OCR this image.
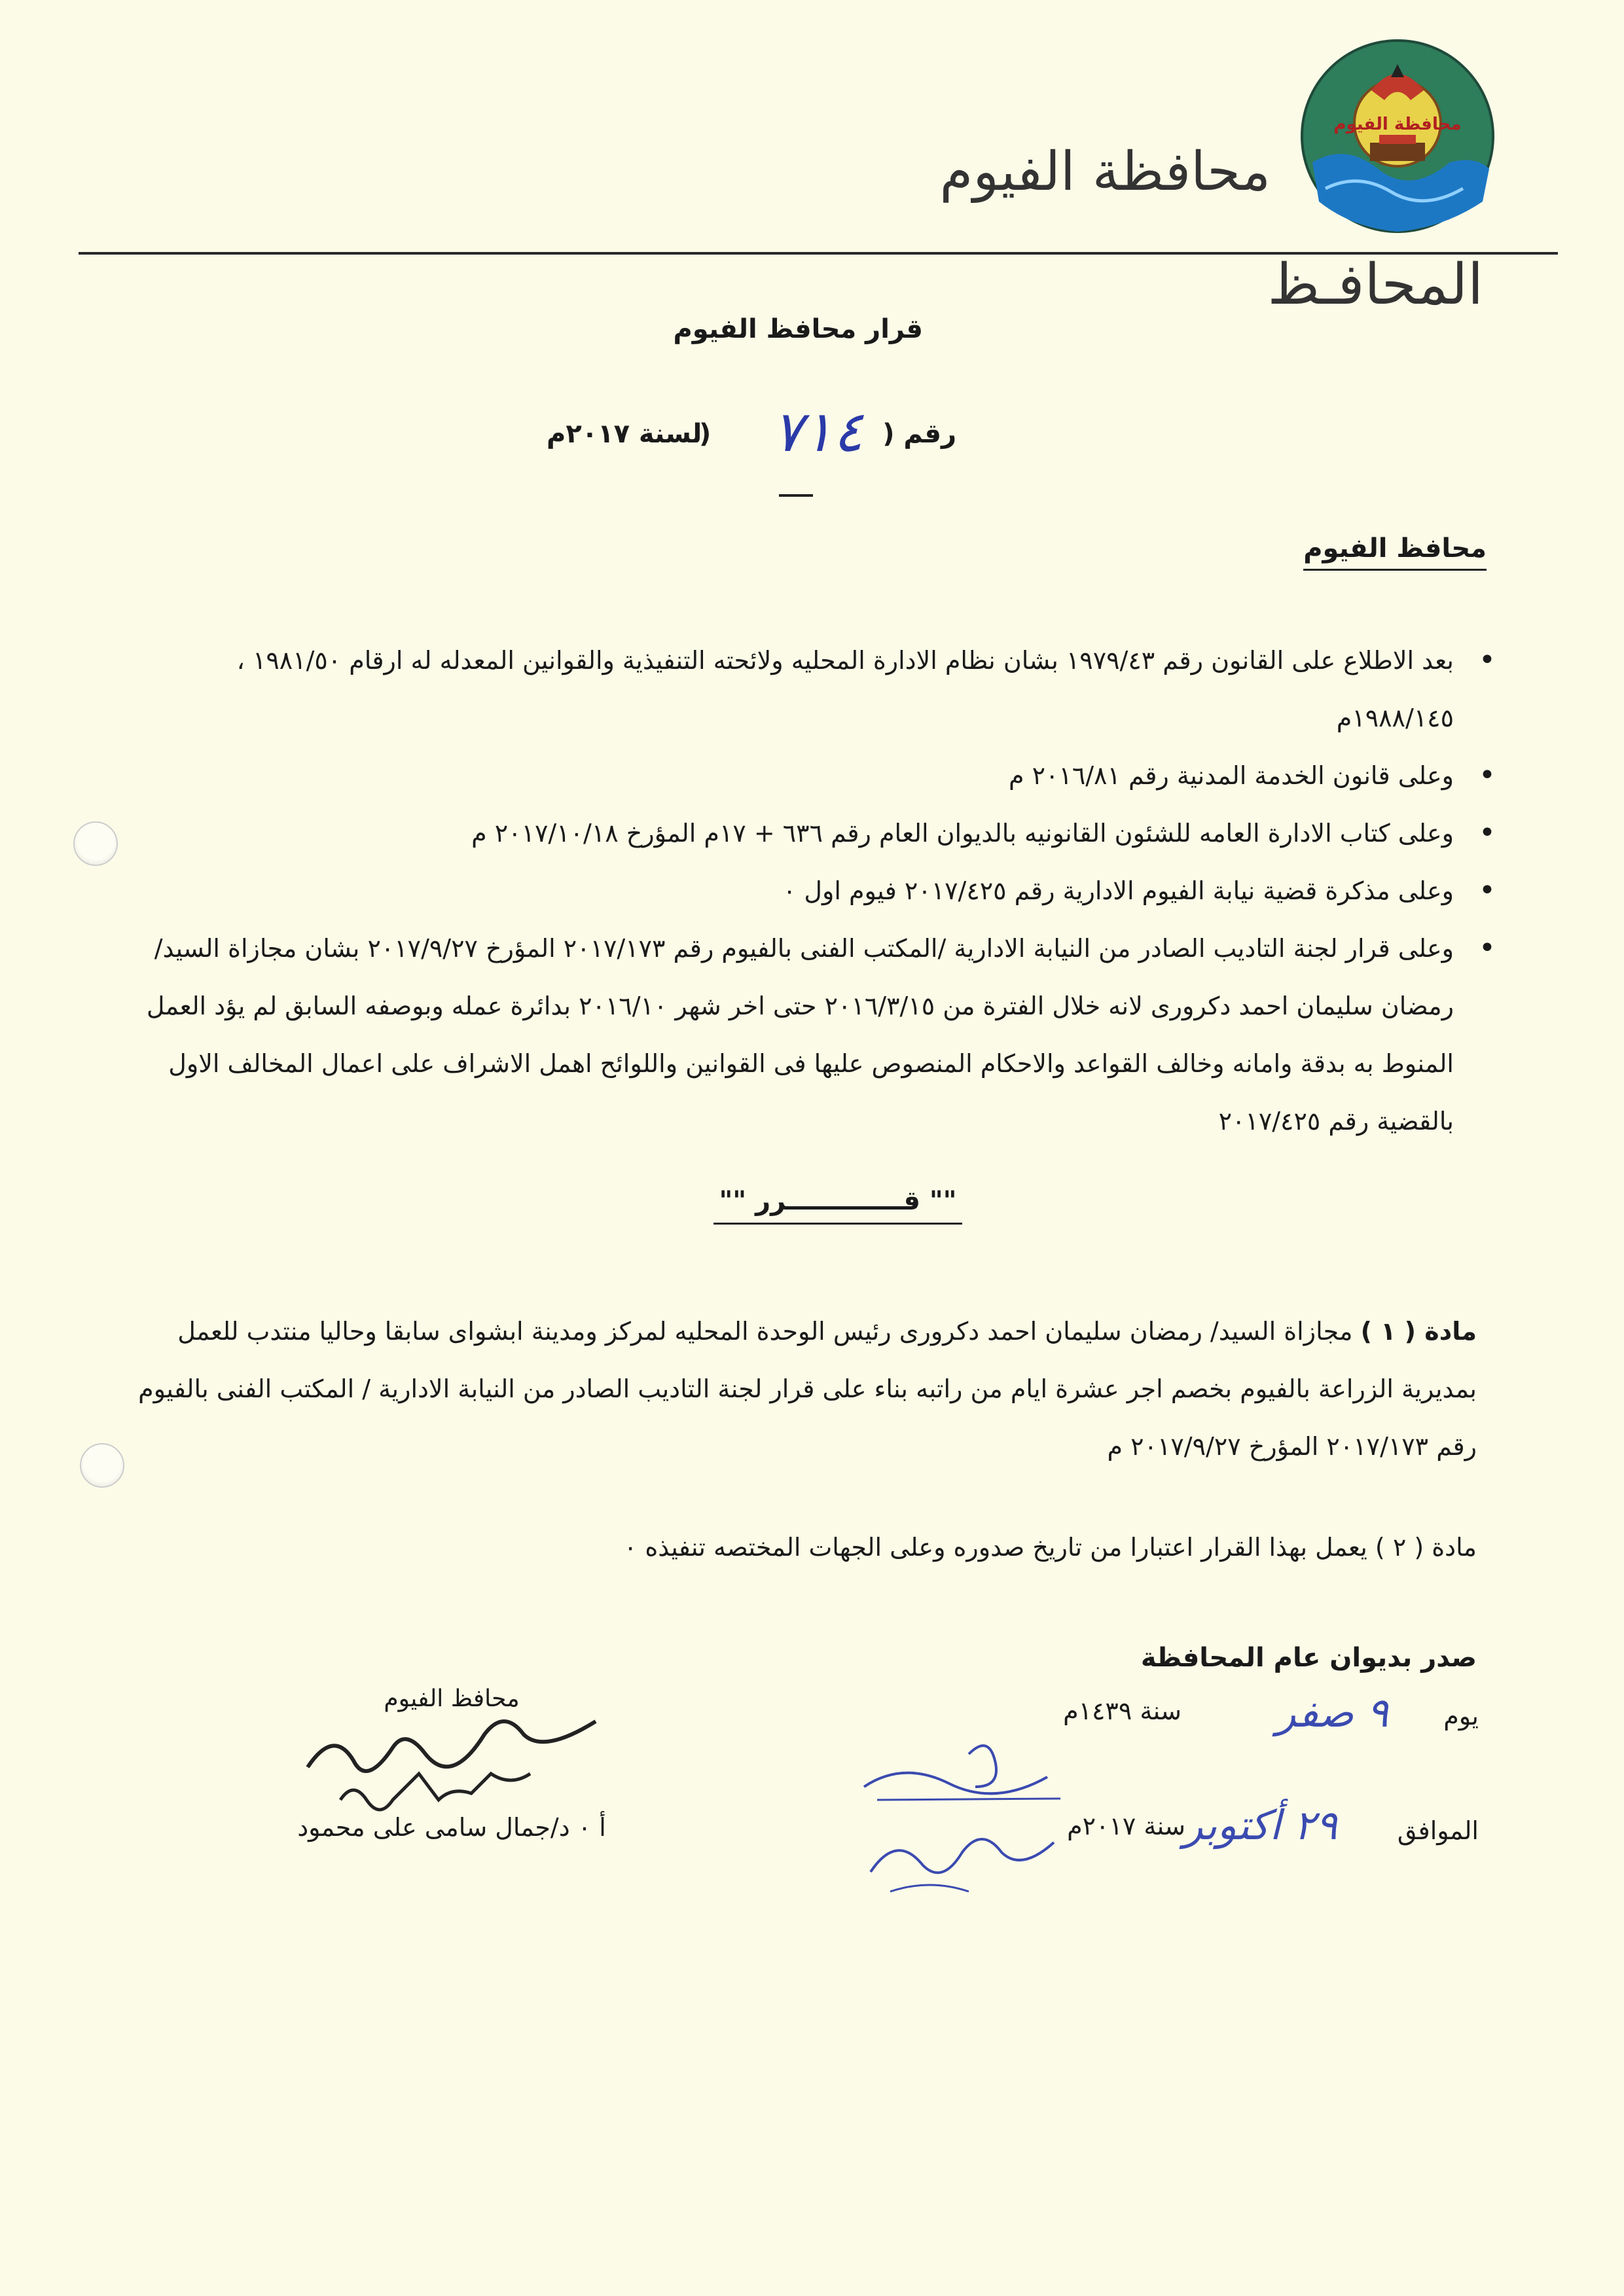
محافظة الفيوم
محافظة الفيوم
المحافـظ
قرار محافظ الفيوم
رقم (
٧١٤
)
لسنة ٢٠١٧م
محافظ الفيوم
• بعد الاطلاع على القانون رقم ١٩٧٩/٤٣ بشان نظام الادارة المحليه ولائحته التنفيذية والقوانين المعدله له ارقام ١٩٨١/٥٠ ، ١٩٨٨/١٤٥م
• وعلى قانون الخدمة المدنية رقم ٢٠١٦/٨١ م
• وعلى كتاب الادارة العامه للشئون القانونيه بالديوان العام رقم ٦٣٦ + ١٧م المؤرخ ٢٠١٧/١٠/١٨ م
• وعلى مذكرة قضية نيابة الفيوم الادارية رقم ٢٠١٧/٤٢٥ فيوم اول ٠
• وعلى قرار لجنة التاديب الصادر من النيابة الادارية /المكتب الفنى بالفيوم رقم ٢٠١٧/١٧٣ المؤرخ ٢٠١٧/٩/٢٧ بشان مجازاة السيد/ رمضان سليمان احمد دكرورى لانه خلال الفترة من ٢٠١٦/٣/١٥ حتى اخر شهر ٢٠١٦/١٠ بدائرة عمله وبوصفه السابق لم يؤد العمل المنوط به بدقة وامانه وخالف القواعد والاحكام المنصوص عليها فى القوانين واللوائح اهمل الاشراف على اعمال المخالف الاول بالقضية رقم ٢٠١٧/٤٢٥
"" قـــــــــــــرر ""
مادة ( ١ ) مجازاة السيد/ رمضان سليمان احمد دكرورى رئيس الوحدة المحليه لمركز ومدينة ابشواى سابقا وحاليا منتدب للعمل بمديرية الزراعة بالفيوم بخصم اجر عشرة ايام من راتبه بناء على قرار لجنة التاديب الصادر من النيابة الادارية / المكتب الفنى بالفيوم رقم ٢٠١٧/١٧٣ المؤرخ ٢٠١٧/٩/٢٧ م
مادة ( ٢ ) يعمل بهذا القرار اعتبارا من تاريخ صدوره وعلى الجهات المختصه تنفيذه ٠
صدر بديوان عام المحافظة
يوم
٩ صفر
سنة ١٤٣٩م
الموافق
٢٩ أكتوبر
سنة ٢٠١٧م
محافظ الفيوم
أ ٠ د/جمال سامى على محمود
